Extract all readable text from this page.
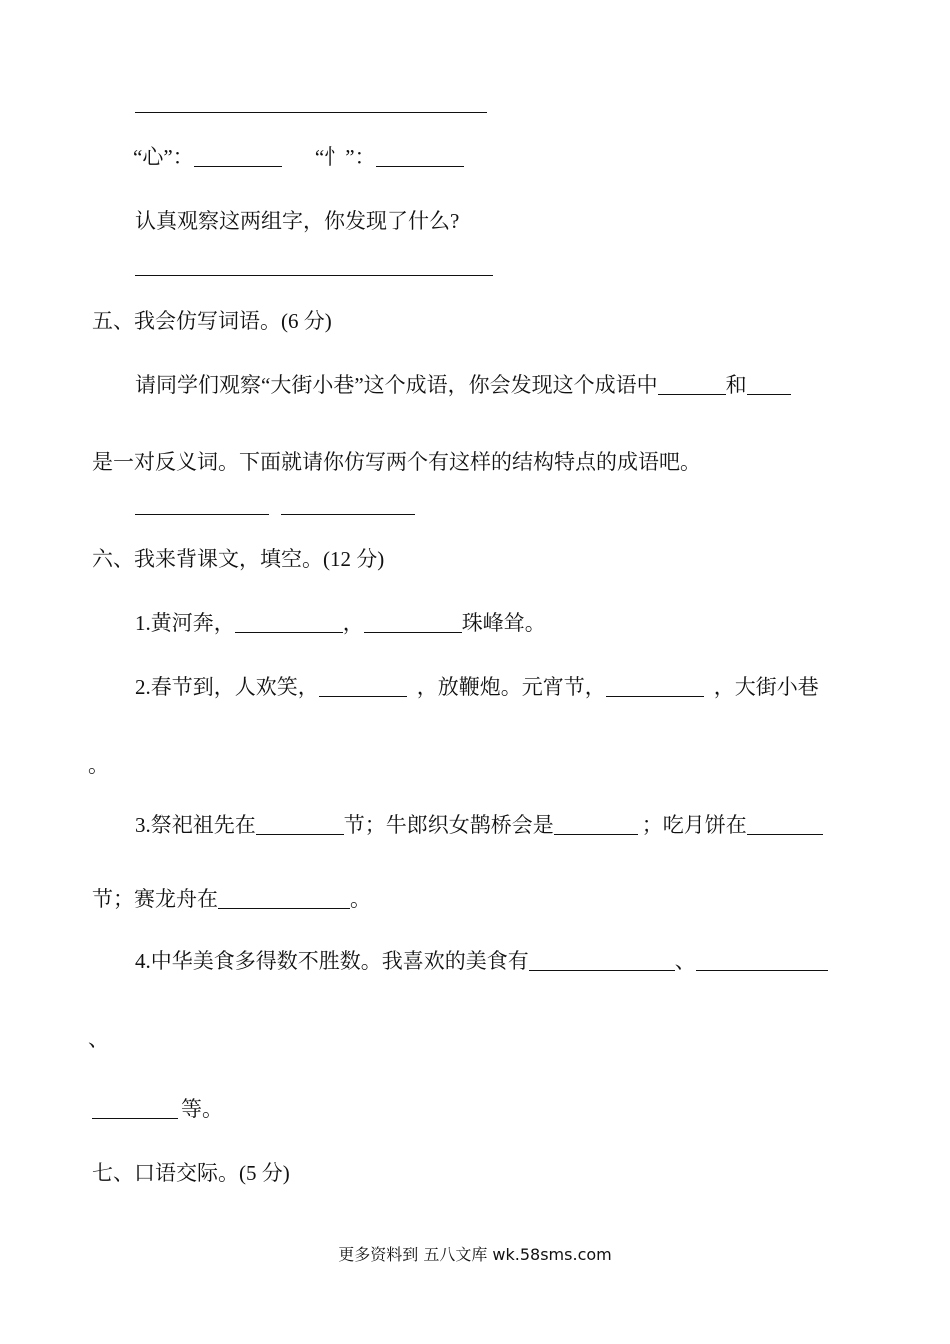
“心”：	“忄”：
认真观察这两组字，你发现了什么?
五、我会仿写词语。(6 分)
请同学们观察“大街小巷”这个成语，你会发现这个成语中	和
是一对反义词。下面就请你仿写两个有这样的结构特点的成语吧。
六、我来背课文，填空。(12 分)
1.黄河奔，	，	珠峰耸。
2.春节到，人欢笑，	，放鞭炮。元宵节，	，大街小巷
。
3.祭祀祖先在	节；牛郎织女鹊桥会是	；吃月饼在
节；赛龙舟在	。
4.中华美食多得数不胜数。我喜欢的美食有	、
、
等。
七、口语交际。(5 分)
更多资料到 五八文库 wk.58sms.com
